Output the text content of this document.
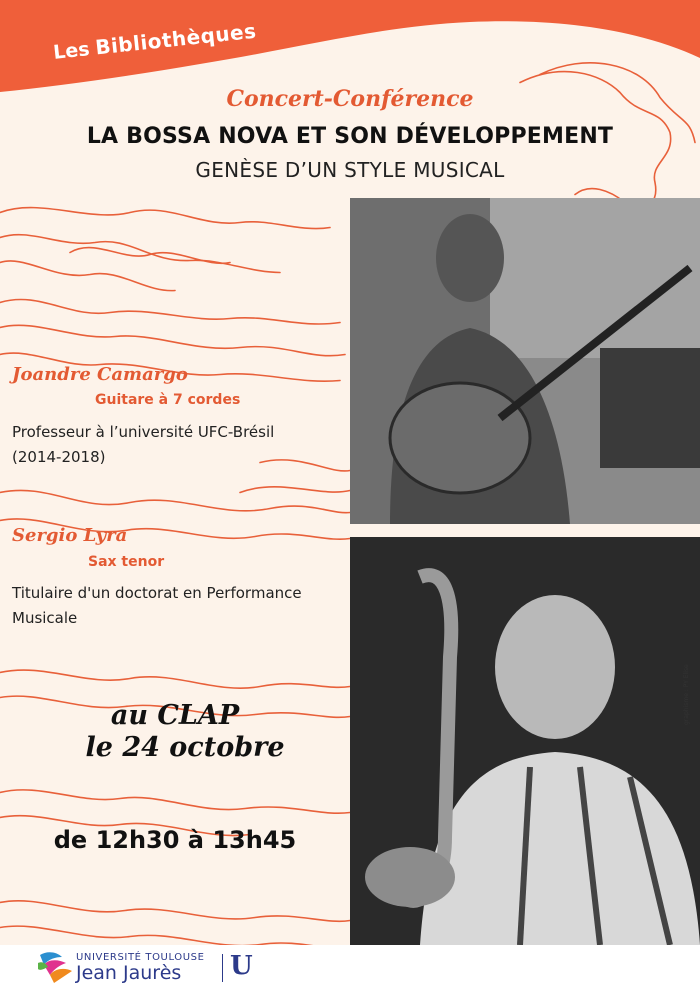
Les Bibliothèques
Concert-Conférence
LA BOSSA NOVA ET SON DÉVELOPPEMENT
GENÈSE D’UN STYLE MUSICAL
Joandre Camargo
Guitare à 7 cordes
Professeur à l’université UFC-Brésil
(2014-2018)
Sergio Lyra
Sax tenor
Titulaire d'un doctorat en Performance
Musicale
au CLAP
le 24 octobre
de 12h30 à 13h45
graphisme : PY Elise
UNIVERSITÉ TOULOUSE
Jean Jaurès U
